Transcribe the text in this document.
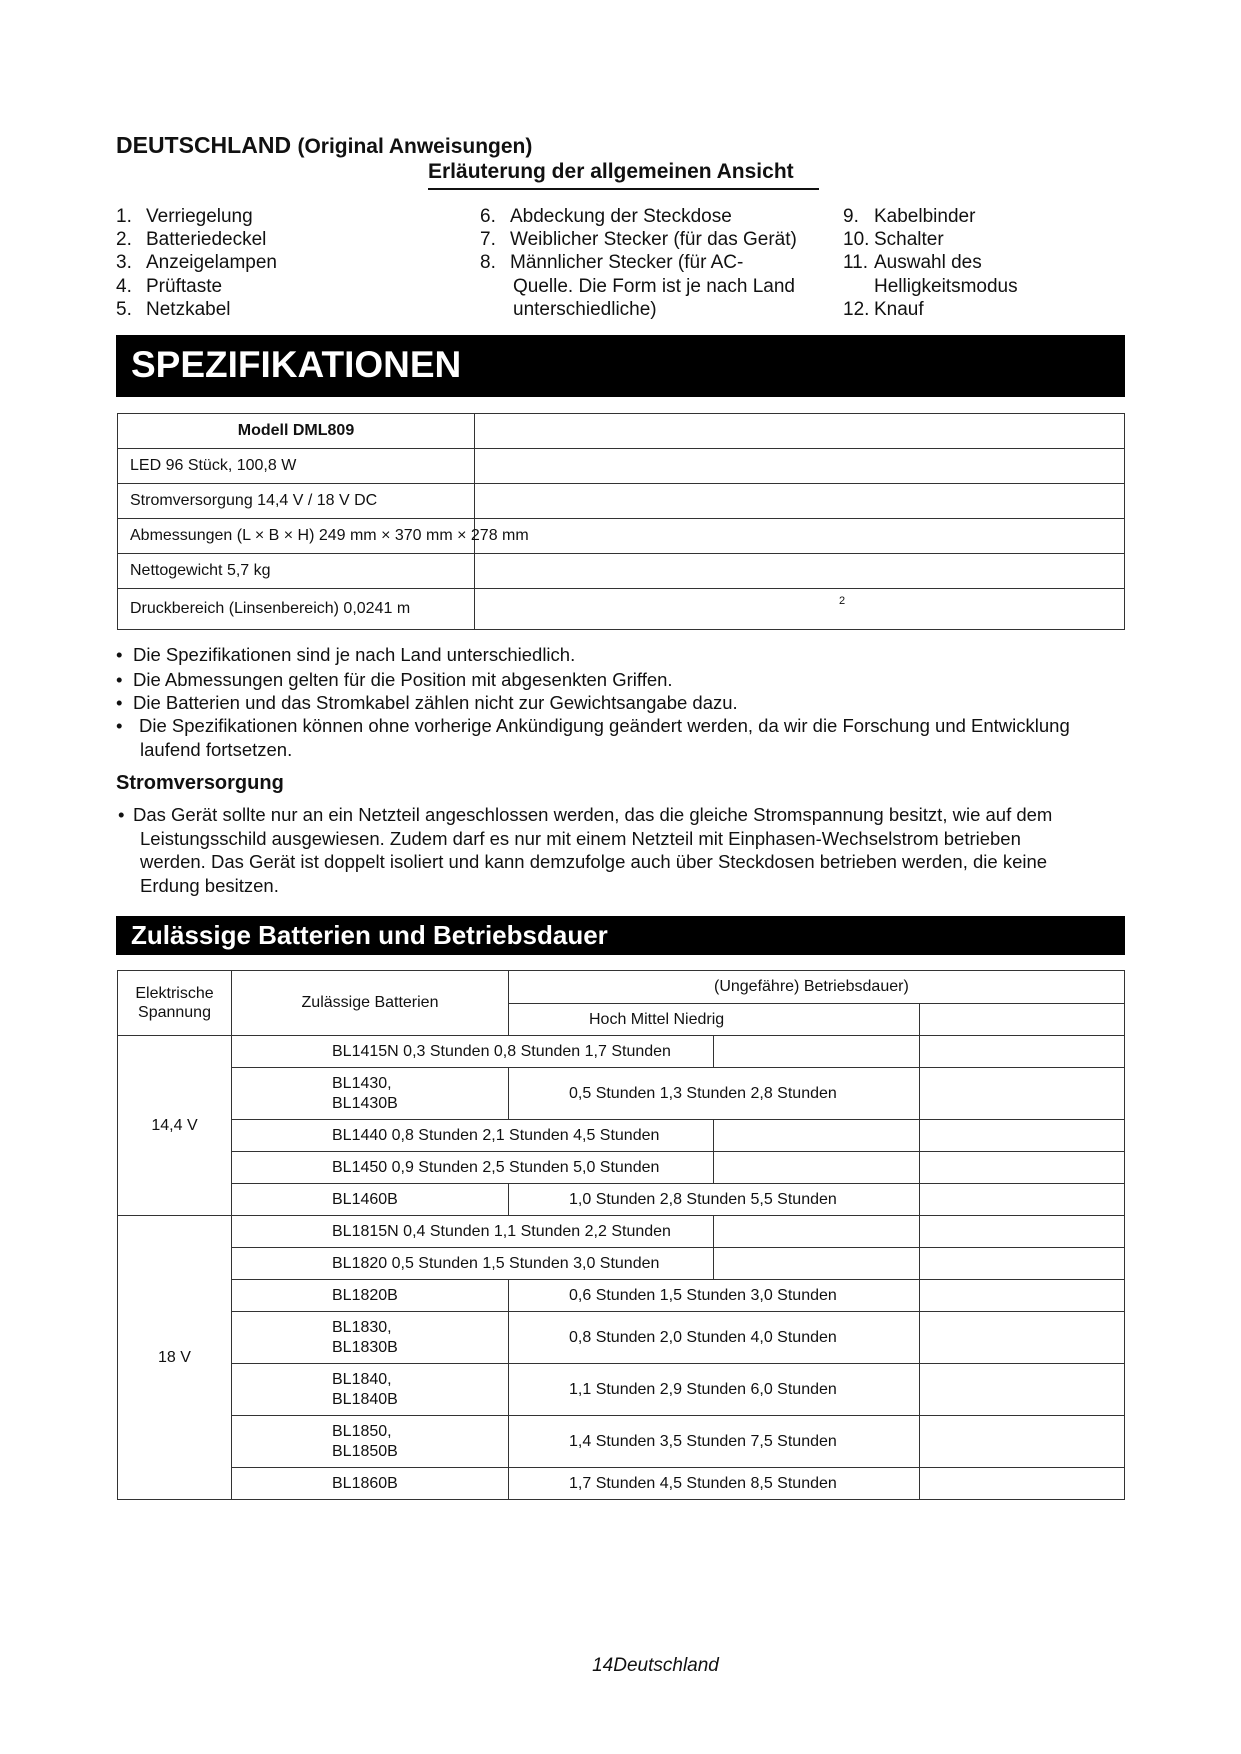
DEUTSCHLAND (Original Anweisungen)
Erläuterung der allgemeinen Ansicht
1. Verriegelung
2. Batteriedeckel
3. Anzeigelampen
4. Prüftaste
5. Netzkabel
6. Abdeckung der Steckdose
7. Weiblicher Stecker (für das Gerät)
8. Männlicher Stecker (für AC-
Quelle. Die Form ist je nach Land
unterschiedliche)
9. Kabelbinder
10. Schalter
11. Auswahl des
Helligkeitsmodus
12. Knauf
SPEZIFIKATIONEN
Modell DML809	
LED 96 Stück, 100,8 W	
Stromversorgung 14,4 V / 18 V DC	

Abmessungen (L × B × H) 249 mm × 370 mm × 278 mm	

Nettogewicht 5,7 kg	
Druckbereich (Linsenbereich) 0,0241 m	2
• Die Spezifikationen sind je nach Land unterschiedlich.
• Die Abmessungen gelten für die Position mit abgesenkten Griffen.
• Die Batterien und das Stromkabel zählen nicht zur Gewichtsangabe dazu.
• Die Spezifikationen können ohne vorherige Ankündigung geändert werden, da wir die Forschung und Entwicklung
laufend fortsetzen.
Stromversorgung
• Das Gerät sollte nur an ein Netzteil angeschlossen werden, das die gleiche Stromspannung besitzt, wie auf dem
Leistungsschild ausgewiesen. Zudem darf es nur mit einem Netzteil mit Einphasen-Wechselstrom betrieben
werden. Das Gerät ist doppelt isoliert und kann demzufolge auch über Steckdosen betrieben werden, die keine
Erdung besitzen.
Zulässige Batterien und Betriebsdauer
Elektrische
Spannung	Zulässige Batterien	(Ungefähre) Betriebsdauer)		
		Hoch Mittel Niedrig		
14,4 V	BL1415N 0,3 Stunden 0,8 Stunden 1,7 Stunden			
	BL1430,
BL1430B	0,5 Stunden 1,3 Stunden 2,8 Stunden		
	BL1440 0,8 Stunden 2,1 Stunden 4,5 Stunden			
	BL1450 0,9 Stunden 2,5 Stunden 5,0 Stunden			
	BL1460B	1,0 Stunden 2,8 Stunden 5,5 Stunden		
18 V	BL1815N 0,4 Stunden 1,1 Stunden 2,2 Stunden			
	BL1820 0,5 Stunden 1,5 Stunden 3,0 Stunden			
	BL1820B	0,6 Stunden 1,5 Stunden 3,0 Stunden		
	BL1830,
BL1830B	0,8 Stunden 2,0 Stunden 4,0 Stunden		
	BL1840,
BL1840B	1,1 Stunden 2,9 Stunden 6,0 Stunden		
	BL1850,
BL1850B	1,4 Stunden 3,5 Stunden 7,5 Stunden		
	BL1860B	1,7 Stunden 4,5 Stunden 8,5 Stunden		
14Deutschland
